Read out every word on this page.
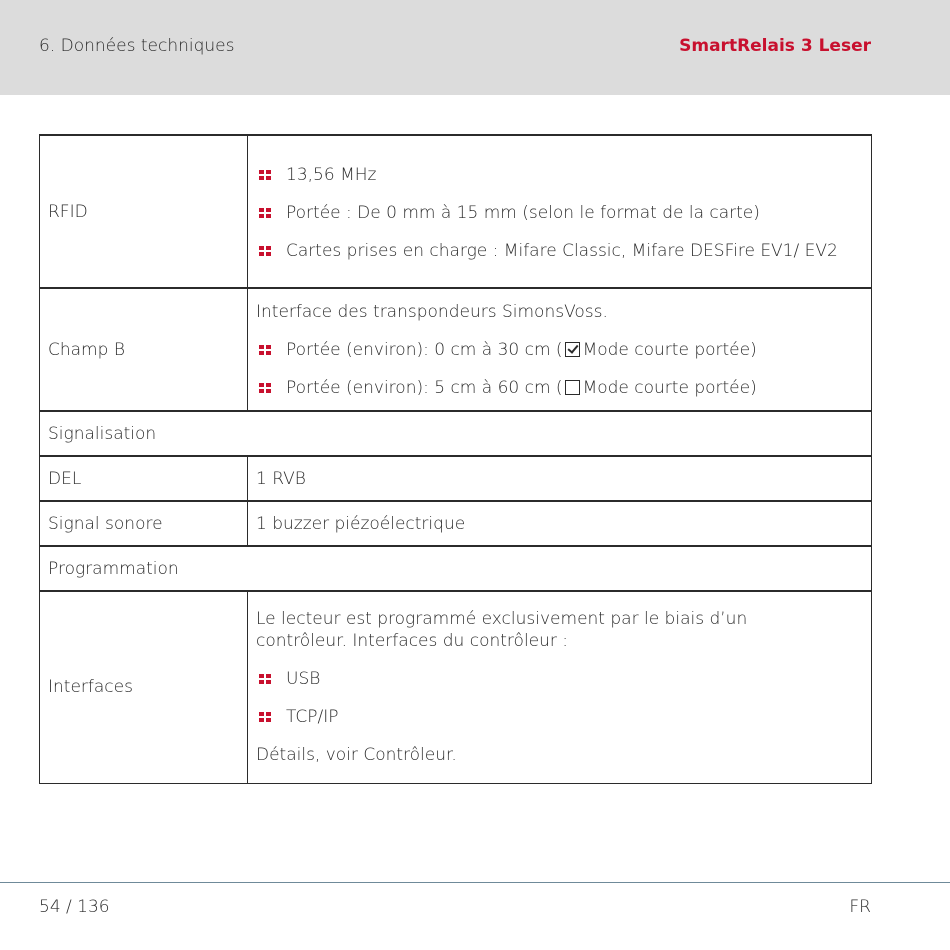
6. Données techniques	SmartRelais 3 Leser
RFID	13,56 MHz
Portée : De 0 mm à 15 mm (selon le format de la carte)
Cartes prises en charge : Mifare Classic, Mifare DESFire EV1/ EV2

Champ B	Interface des transpondeurs SimonsVoss.
Portée (environ): 0 cm à 30 cm ( Mode courte portée)
Portée (environ): 5 cm à 60 cm ( Mode courte portée)

Signalisation	
DEL	1 RVB
Signal sonore	1 buzzer piézoélectrique
Programmation	
Interfaces	Le lecteur est programmé exclusivement par le biais d’un contrôleur. Interfaces du contrôleur :
USB
TCP/IP
Détails, voir Contrôleur.
54 / 136	FR
